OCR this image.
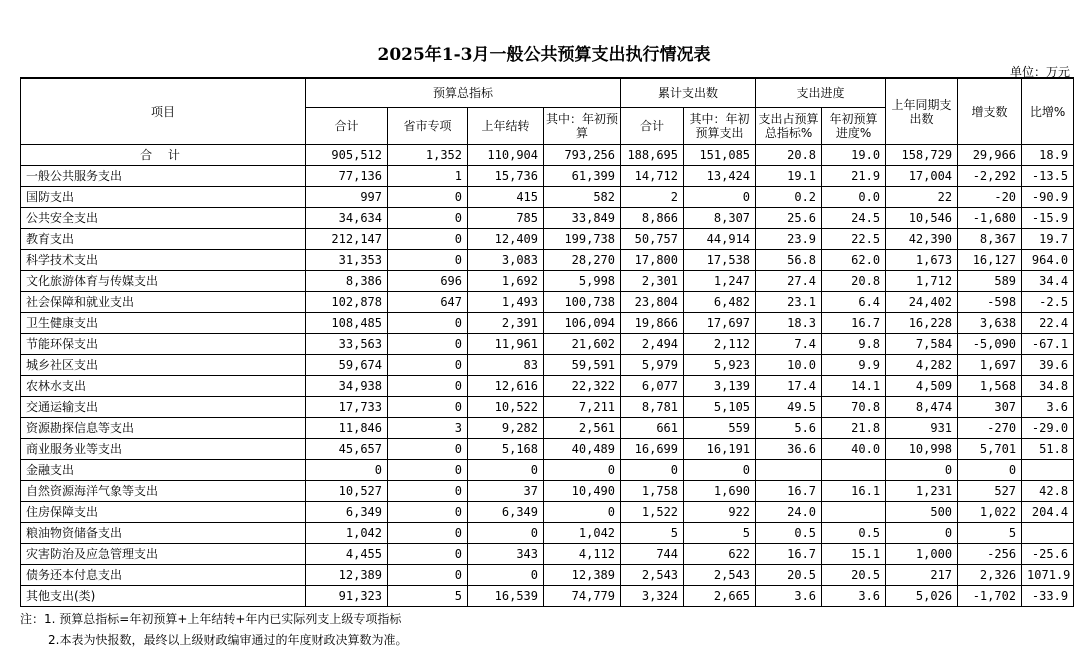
2025年1-3月一般公共预算支出执行情况表
单位：万元
项目	预算总指标				累计支出数		支出进度		上年同期支出数	增支数	比增%
	合计	省市专项	上年结转	其中：年初预算	合计	其中：年初预算支出	支出占预算总指标%	年初预算进度%			
合 计	905,512	1,352	110,904	793,256	188,695	151,085	20.8	19.0	158,729	29,966	18.9
一般公共服务支出	77,136	1	15,736	61,399	14,712	13,424	19.1	21.9	17,004	-2,292	-13.5
国防支出	997	0	415	582	2	0	0.2	0.0	22	-20	-90.9
公共安全支出	34,634	0	785	33,849	8,866	8,307	25.6	24.5	10,546	-1,680	-15.9
教育支出	212,147	0	12,409	199,738	50,757	44,914	23.9	22.5	42,390	8,367	19.7
科学技术支出	31,353	0	3,083	28,270	17,800	17,538	56.8	62.0	1,673	16,127	964.0
文化旅游体育与传媒支出	8,386	696	1,692	5,998	2,301	1,247	27.4	20.8	1,712	589	34.4
社会保障和就业支出	102,878	647	1,493	100,738	23,804	6,482	23.1	6.4	24,402	-598	-2.5
卫生健康支出	108,485	0	2,391	106,094	19,866	17,697	18.3	16.7	16,228	3,638	22.4
节能环保支出	33,563	0	11,961	21,602	2,494	2,112	7.4	9.8	7,584	-5,090	-67.1
城乡社区支出	59,674	0	83	59,591	5,979	5,923	10.0	9.9	4,282	1,697	39.6
农林水支出	34,938	0	12,616	22,322	6,077	3,139	17.4	14.1	4,509	1,568	34.8
交通运输支出	17,733	0	10,522	7,211	8,781	5,105	49.5	70.8	8,474	307	3.6
资源勘探信息等支出	11,846	3	9,282	2,561	661	559	5.6	21.8	931	-270	-29.0
商业服务业等支出	45,657	0	5,168	40,489	16,699	16,191	36.6	40.0	10,998	5,701	51.8
金融支出	0	0	0	0	0	0			0	0	
自然资源海洋气象等支出	10,527	0	37	10,490	1,758	1,690	16.7	16.1	1,231	527	42.8
住房保障支出	6,349	0	6,349	0	1,522	922	24.0		500	1,022	204.4
粮油物资储备支出	1,042	0	0	1,042	5	5	0.5	0.5	0	5	
灾害防治及应急管理支出	4,455	0	343	4,112	744	622	16.7	15.1	1,000	-256	-25.6
债务还本付息支出	12,389	0	0	12,389	2,543	2,543	20.5	20.5	217	2,326	1071.9
其他支出(类)	91,323	5	16,539	74,779	3,324	2,665	3.6	3.6	5,026	-1,702	-33.9
注：1. 预算总指标=年初预算+上年结转+年内已实际列支上级专项指标
2.本表为快报数，最终以上级财政编审通过的年度财政决算数为准。
